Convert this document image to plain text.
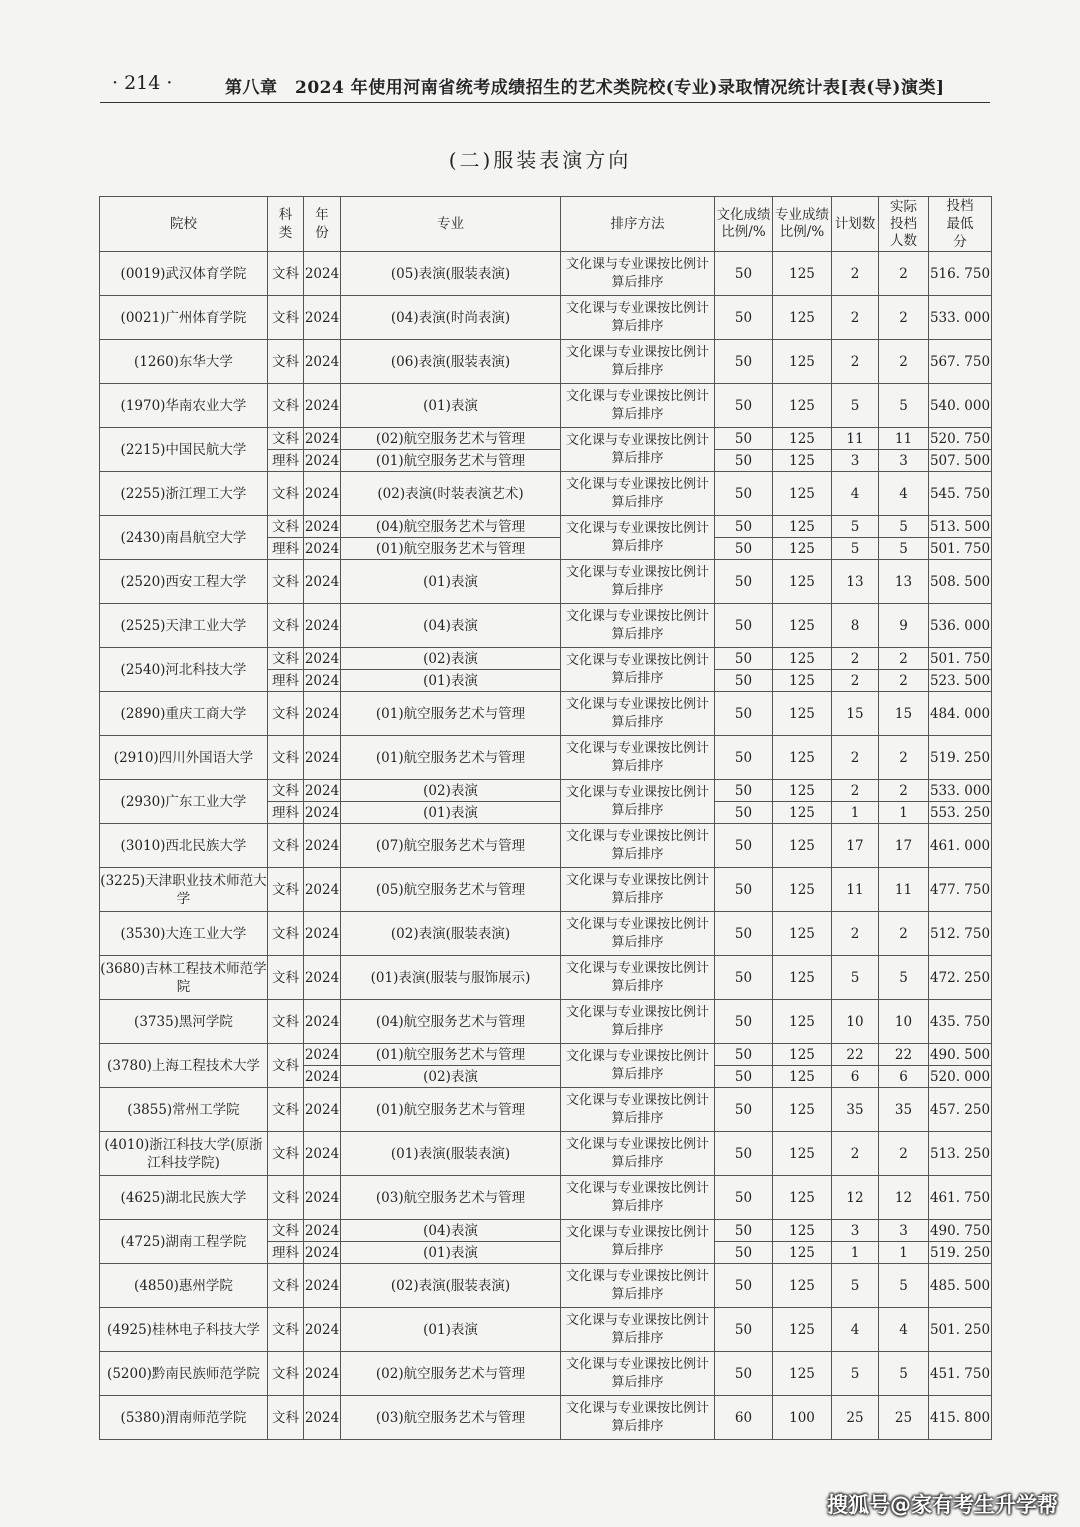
· 214 ·	第八章　2024 年使用河南省统考成绩招生的艺术类院校(专业)录取情况统计表[表(导)演类]
(二)服装表演方向
院校	科类	年份	专业	排序方法	文化成绩比例/%	专业成绩比例/%	计划数	实际投档人数	投档最低分
(0019)武汉体育学院	文科	2024	(05)表演(服装表演)	文化课与专业课按比例计算后排序	50	125	2	2	516. 750
(0021)广州体育学院	文科	2024	(04)表演(时尚表演)	文化课与专业课按比例计算后排序	50	125	2	2	533. 000
(1260)东华大学	文科	2024	(06)表演(服装表演)	文化课与专业课按比例计算后排序	50	125	2	2	567. 750
(1970)华南农业大学	文科	2024	(01)表演	文化课与专业课按比例计算后排序	50	125	5	5	540. 000
(2215)中国民航大学	文科	2024	(02)航空服务艺术与管理	文化课与专业课按比例计算后排序	50	125	11	11	520. 750
	理科	2024	(01)航空服务艺术与管理		50	125	3	3	507. 500
(2255)浙江理工大学	文科	2024	(02)表演(时装表演艺术)	文化课与专业课按比例计算后排序	50	125	4	4	545. 750
(2430)南昌航空大学	文科	2024	(04)航空服务艺术与管理	文化课与专业课按比例计算后排序	50	125	5	5	513. 500
	理科	2024	(01)航空服务艺术与管理		50	125	5	5	501. 750
(2520)西安工程大学	文科	2024	(01)表演	文化课与专业课按比例计算后排序	50	125	13	13	508. 500
(2525)天津工业大学	文科	2024	(04)表演	文化课与专业课按比例计算后排序	50	125	8	9	536. 000
(2540)河北科技大学	文科	2024	(02)表演	文化课与专业课按比例计算后排序	50	125	2	2	501. 750
	理科	2024	(01)表演		50	125	2	2	523. 500
(2890)重庆工商大学	文科	2024	(01)航空服务艺术与管理	文化课与专业课按比例计算后排序	50	125	15	15	484. 000
(2910)四川外国语大学	文科	2024	(01)航空服务艺术与管理	文化课与专业课按比例计算后排序	50	125	2	2	519. 250
(2930)广东工业大学	文科	2024	(02)表演	文化课与专业课按比例计算后排序	50	125	2	2	533. 000
	理科	2024	(01)表演		50	125	1	1	553. 250
(3010)西北民族大学	文科	2024	(07)航空服务艺术与管理	文化课与专业课按比例计算后排序	50	125	17	17	461. 000
(3225)天津职业技术师范大学	文科	2024	(05)航空服务艺术与管理	文化课与专业课按比例计算后排序	50	125	11	11	477. 750
(3530)大连工业大学	文科	2024	(02)表演(服装表演)	文化课与专业课按比例计算后排序	50	125	2	2	512. 750
(3680)吉林工程技术师范学院	文科	2024	(01)表演(服装与服饰展示)	文化课与专业课按比例计算后排序	50	125	5	5	472. 250
(3735)黑河学院	文科	2024	(04)航空服务艺术与管理	文化课与专业课按比例计算后排序	50	125	10	10	435. 750
(3780)上海工程技术大学	文科	2024	(01)航空服务艺术与管理	文化课与专业课按比例计算后排序	50	125	22	22	490. 500
		2024	(02)表演		50	125	6	6	520. 000
(3855)常州工学院	文科	2024	(01)航空服务艺术与管理	文化课与专业课按比例计算后排序	50	125	35	35	457. 250
(4010)浙江科技大学(原浙江科技学院)	文科	2024	(01)表演(服装表演)	文化课与专业课按比例计算后排序	50	125	2	2	513. 250
(4625)湖北民族大学	文科	2024	(03)航空服务艺术与管理	文化课与专业课按比例计算后排序	50	125	12	12	461. 750
(4725)湖南工程学院	文科	2024	(04)表演	文化课与专业课按比例计算后排序	50	125	3	3	490. 750
	理科	2024	(01)表演		50	125	1	1	519. 250
(4850)惠州学院	文科	2024	(02)表演(服装表演)	文化课与专业课按比例计算后排序	50	125	5	5	485. 500
(4925)桂林电子科技大学	文科	2024	(01)表演	文化课与专业课按比例计算后排序	50	125	4	4	501. 250
(5200)黔南民族师范学院	文科	2024	(02)航空服务艺术与管理	文化课与专业课按比例计算后排序	50	125	5	5	451. 750
(5380)渭南师范学院	文科	2024	(03)航空服务艺术与管理	文化课与专业课按比例计算后排序	60	100	25	25	415. 800
搜狐号@家有考生升学帮
